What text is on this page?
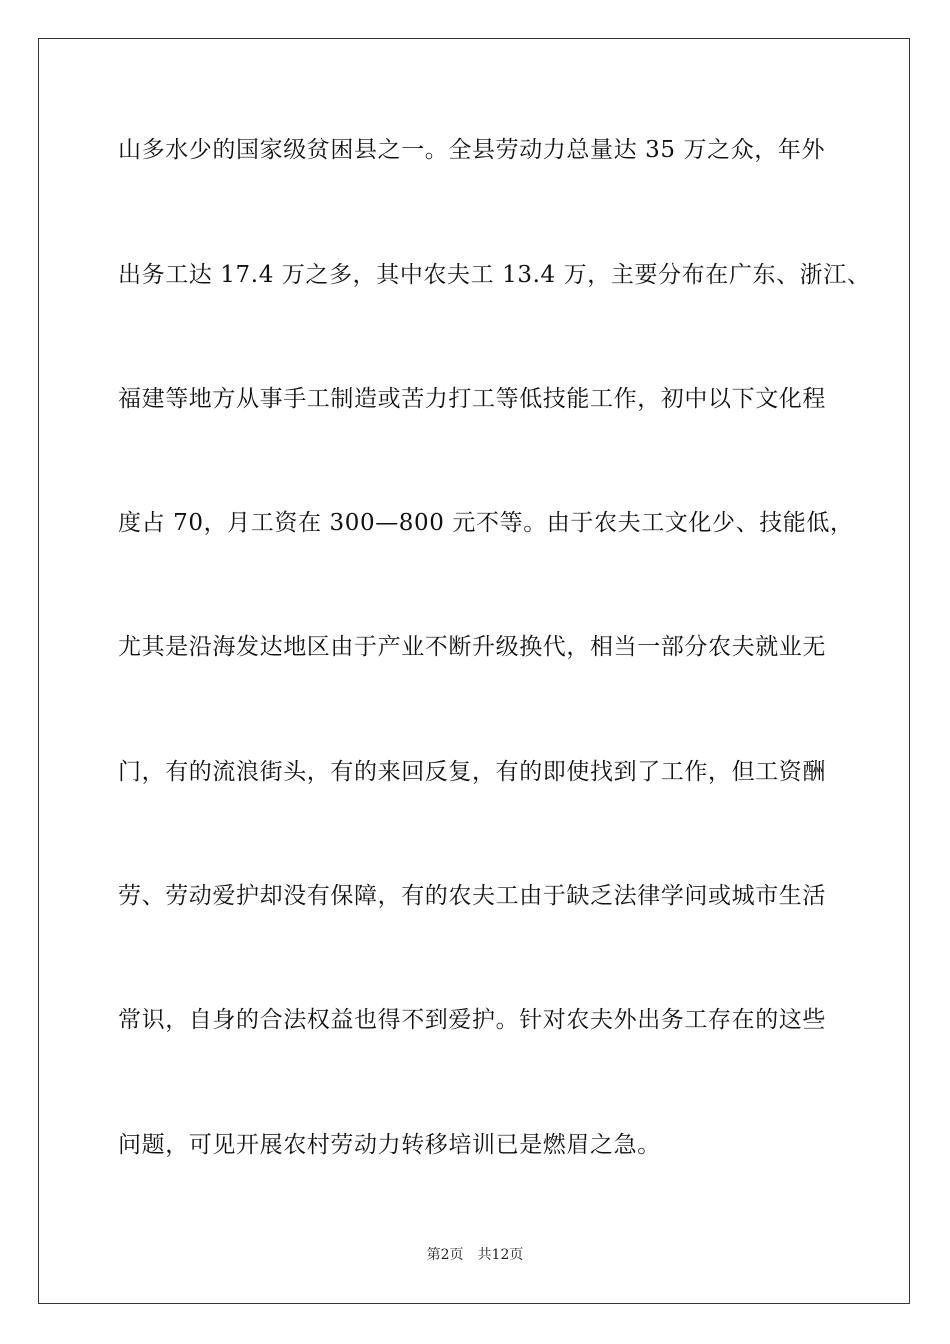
山多水少的国家级贫困县之一。全县劳动力总量达 35 万之众，年外
出务工达 17.4 万之多，其中农夫工 13.4 万，主要分布在广东、浙江、
福建等地方从事手工制造或苦力打工等低技能工作，初中以下文化程
度占 70，月工资在 300—800 元不等。由于农夫工文化少、技能低，
尤其是沿海发达地区由于产业不断升级换代，相当一部分农夫就业无
门，有的流浪街头，有的来回反复，有的即使找到了工作，但工资酬
劳、劳动爱护却没有保障，有的农夫工由于缺乏法律学问或城市生活
常识，自身的合法权益也得不到爱护。针对农夫外出务工存在的这些
问题，可见开展农村劳动力转移培训已是燃眉之急。
第2页 共12页
